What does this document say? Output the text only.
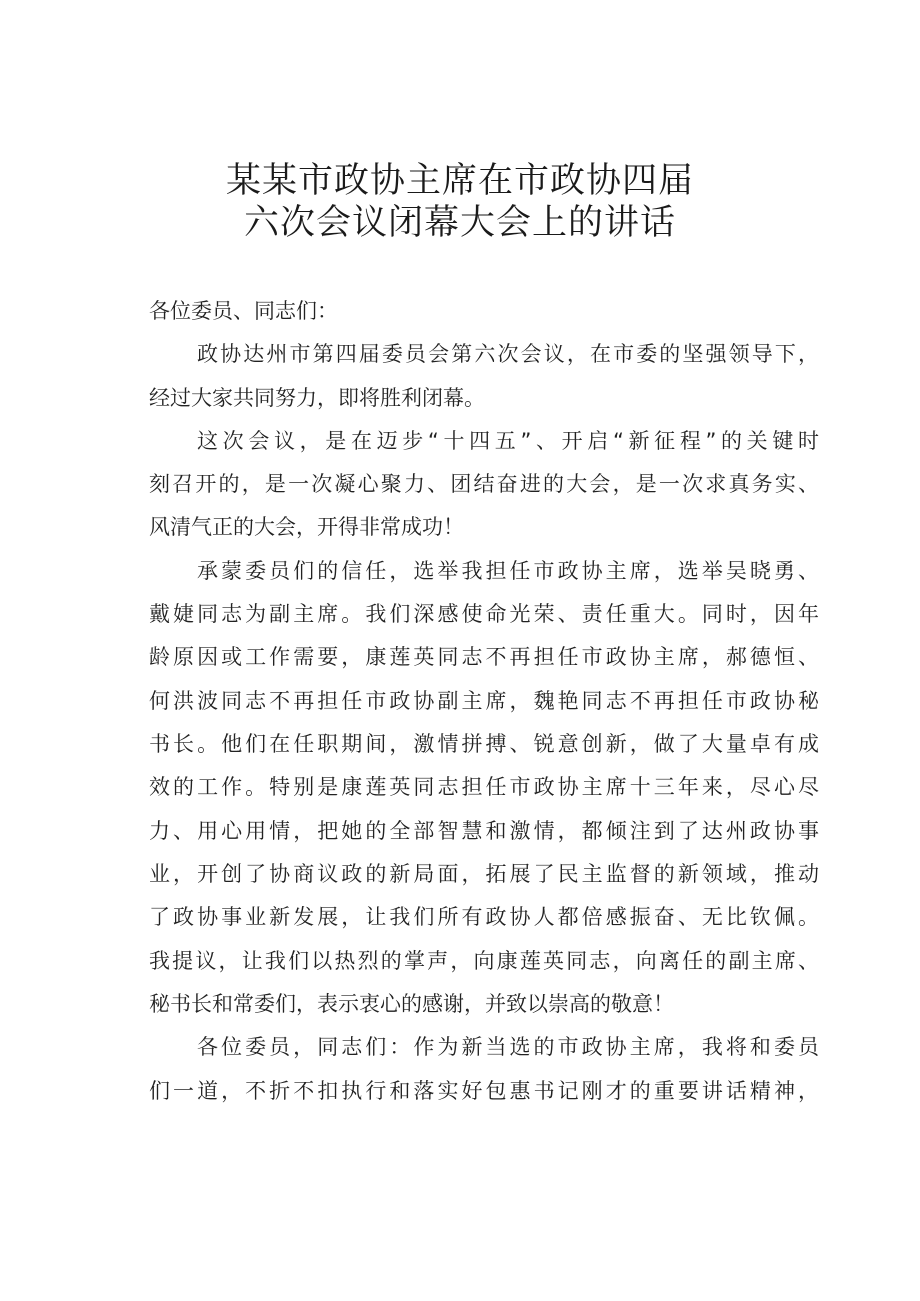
某某市政协主席在市政协四届
六次会议闭幕大会上的讲话
各位委员、同志们：
政协达州市第四届委员会第六次会议，在市委的坚强领导下，
经过大家共同努力，即将胜利闭幕。
这次会议，是在迈步“十四五”、开启“新征程”的关键时
刻召开的，是一次凝心聚力、团结奋进的大会，是一次求真务实、
风清气正的大会，开得非常成功！
承蒙委员们的信任，选举我担任市政协主席，选举吴晓勇、
戴婕同志为副主席。我们深感使命光荣、责任重大。同时，因年
龄原因或工作需要，康莲英同志不再担任市政协主席，郝德恒、
何洪波同志不再担任市政协副主席，魏艳同志不再担任市政协秘
书长。他们在任职期间，激情拼搏、锐意创新，做了大量卓有成
效的工作。特别是康莲英同志担任市政协主席十三年来，尽心尽
力、用心用情，把她的全部智慧和激情，都倾注到了达州政协事
业，开创了协商议政的新局面，拓展了民主监督的新领域，推动
了政协事业新发展，让我们所有政协人都倍感振奋、无比钦佩。
我提议，让我们以热烈的掌声，向康莲英同志，向离任的副主席、
秘书长和常委们，表示衷心的感谢，并致以崇高的敬意！
各位委员，同志们：作为新当选的市政协主席，我将和委员
们一道，不折不扣执行和落实好包惠书记刚才的重要讲话精神，
